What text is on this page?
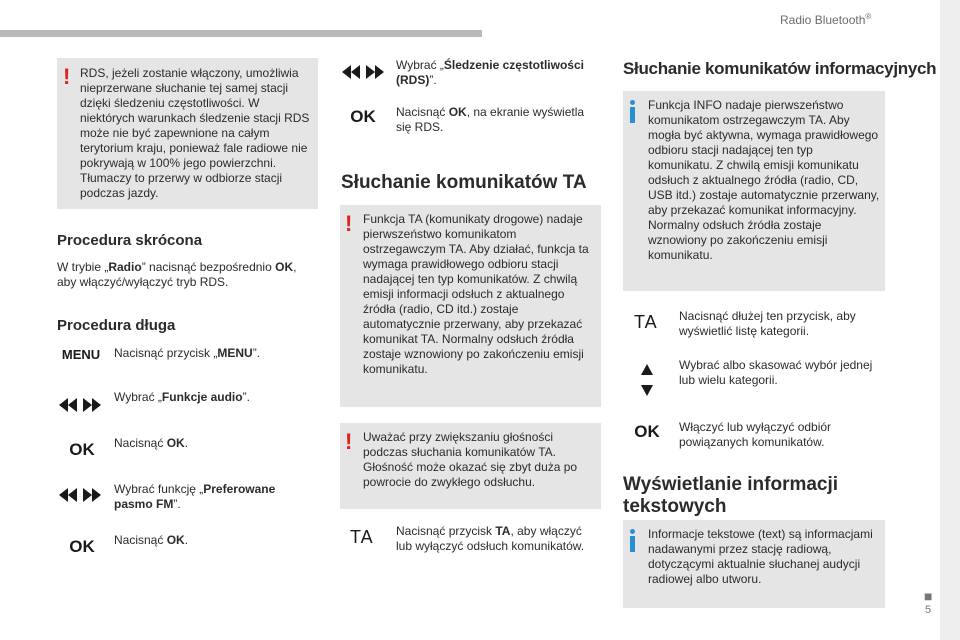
Radio Bluetooth®
■
5
! RDS, jeżeli zostanie włączony, umożliwia nieprzerwane słuchanie tej samej stacji dzięki śledzeniu częstotliwości. W niektórych warunkach śledzenie stacji RDS może nie być zapewnione na całym terytorium kraju, ponieważ fale radiowe nie pokrywają w 100% jego powierzchni. Tłumaczy to przerwy w odbiorze stacji podczas jazdy.
Procedura skrócona
W trybie „Radio” nacisnąć bezpośrednio OK, aby włączyć/wyłączyć tryb RDS.
Procedura długa
MENU	Nacisnąć przycisk „MENU”.
Wybrać „Funkcje audio”.
OK	Nacisnąć OK.
Wybrać funkcję „Preferowane pasmo FM”.
OK	Nacisnąć OK.
Wybrać „Śledzenie częstotliwości (RDS)”.
OK	Nacisnąć OK, na ekranie wyświetla się RDS.
Słuchanie komunikatów TA
! Funkcja TA (komunikaty drogowe) nadaje pierwszeństwo komunikatom ostrzegawczym TA. Aby działać, funkcja ta wymaga prawidłowego odbioru stacji nadającej ten typ komunikatów. Z chwilą emisji informacji odsłuch z aktualnego źródła (radio, CD itd.) zostaje automatycznie przerwany, aby przekazać komunikat TA. Normalny odsłuch źródła zostaje wznowiony po zakończeniu emisji komunikatu.
! Uważać przy zwiększaniu głośności podczas słuchania komunikatów TA. Głośność może okazać się zbyt duża po powrocie do zwykłego odsłuchu.
TA Nacisnąć przycisk TA, aby włączyć lub wyłączyć odsłuch komunikatów.
Słuchanie komunikatów informacyjnych
Funkcja INFO nadaje pierwszeństwo komunikatom ostrzegawczym TA. Aby mogła być aktywna, wymaga prawidłowego odbioru stacji nadającej ten typ komunikatu. Z chwilą emisji komunikatu odsłuch z aktualnego źródła (radio, CD, USB itd.) zostaje automatycznie przerwany, aby przekazać komunikat informacyjny. Normalny odsłuch źródła zostaje wznowiony po zakończeniu emisji komunikatu.
TA Nacisnąć dłużej ten przycisk, aby wyświetlić listę kategorii.
Wybrać albo skasować wybór jednej lub wielu kategorii.
OK	Włączyć lub wyłączyć odbiór powiązanych komunikatów.
Wyświetlanie informacji tekstowych
Informacje tekstowe (text) są informacjami nadawanymi przez stację radiową, dotyczącymi aktualnie słuchanej audycji radiowej albo utworu.
